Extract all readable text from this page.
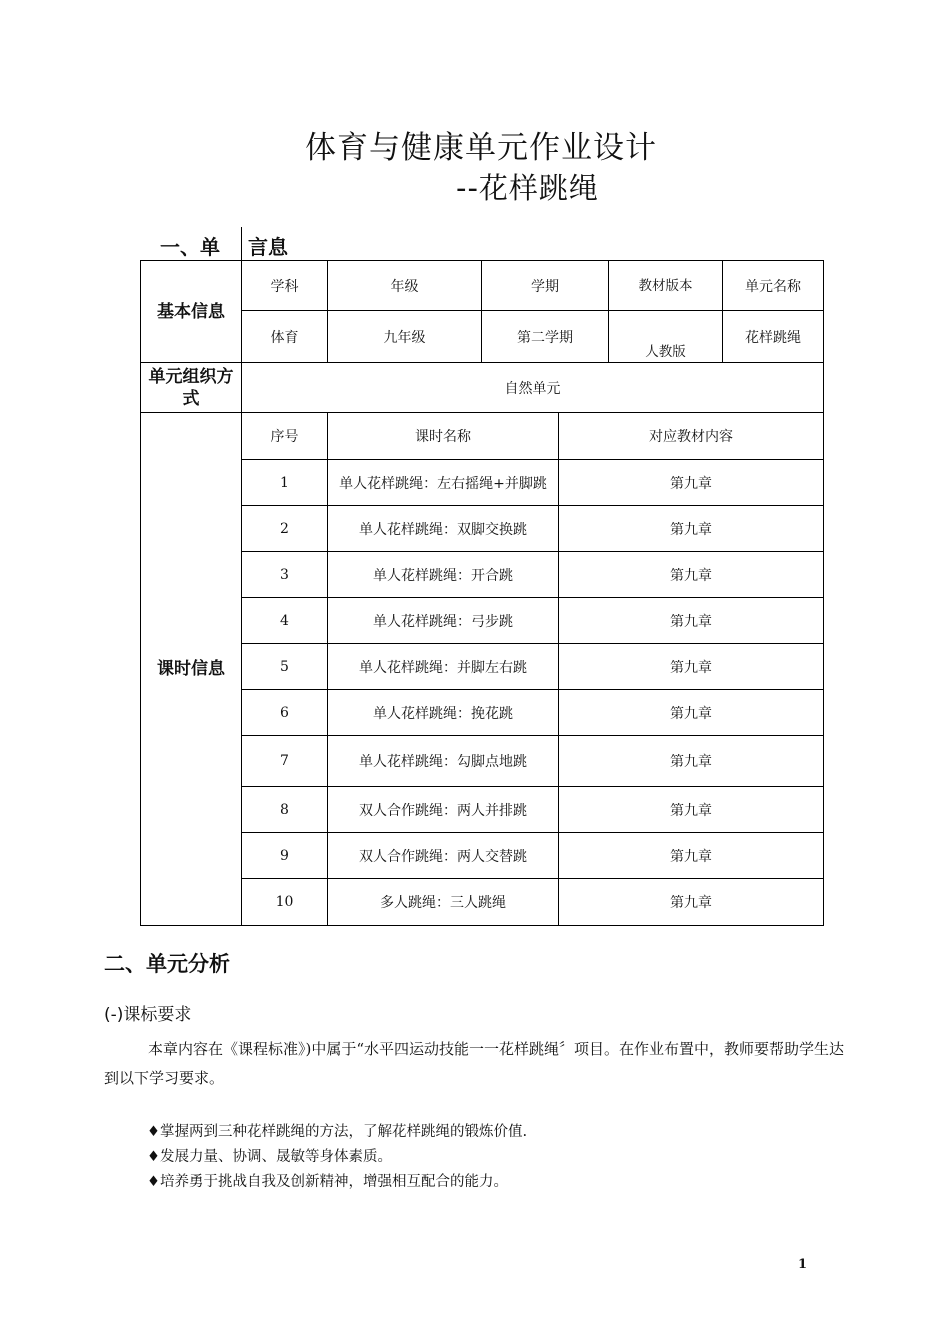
体育与健康单元作业设计
--花样跳绳
一、单 言息
基本信息	学科	年级	学期		教材版本	单元名称
	体育	九年级	第二学期		人教版	花样跳绳
单元组织方式	自然单元					
课时信息	序号	课时名称		对应教材内容		
	1	单人花样跳绳：左右摇绳+并脚跳		第九章		
	2	单人花样跳绳：双脚交换跳		第九章		
	3	单人花样跳绳：开合跳		第九章		
	4	单人花样跳绳：弓步跳		第九章		
	5	单人花样跳绳：并脚左右跳		第九章		
	6	单人花样跳绳：挽花跳		第九章		
	7	单人花样跳绳：勾脚点地跳		第九章		
	8	双人合作跳绳：两人并排跳		第九章		
	9	双人合作跳绳：两人交替跳		第九章		
	10	多人跳绳：三人跳绳		第九章		
二、单元分析
(-)课标要求
本章内容在《课程标准》)中属于“水平四运动技能一一花样跳绳〞项目。在作业布置中，教师要帮助学生达到以下学习要求。
♦掌握两到三种花样跳绳的方法，了解花样跳绳的锻炼价值.
♦发展力量、协调、晟敏等身体素质。
♦培养勇于挑战自我及创新精神，增强相互配合的能力。
1
